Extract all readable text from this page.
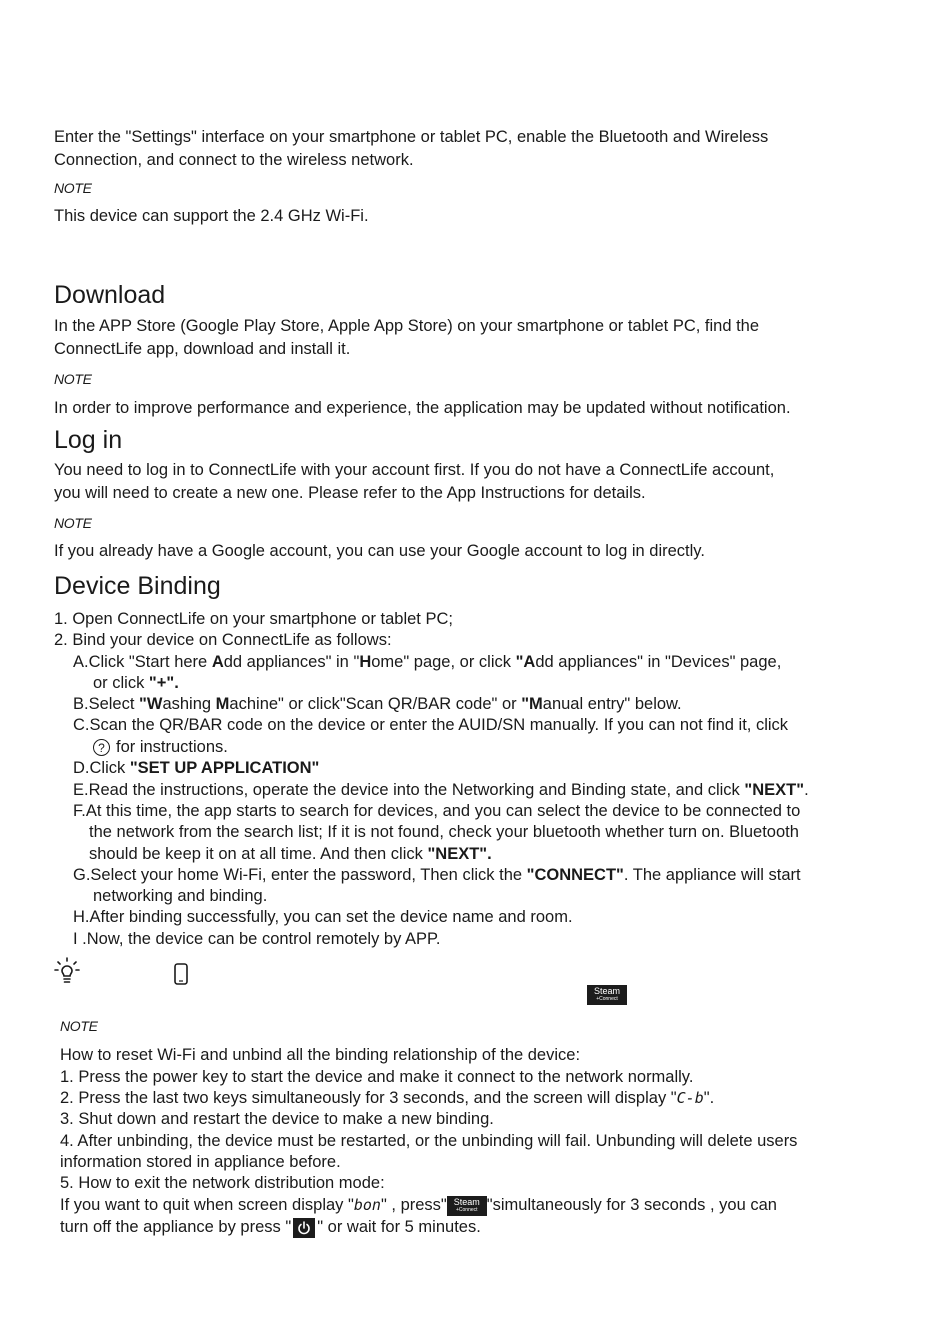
Enter the "Settings" interface on your smartphone or tablet PC, enable the Bluetooth and Wireless
Connection, and connect to the wireless network.
NOTE
This device can support the 2.4 GHz Wi-Fi.
Download
In the APP Store (Google Play Store, Apple App Store) on your smartphone or tablet PC, find the
ConnectLife app, download and install it.
NOTE
In order to improve performance and experience, the application may be updated without notification.
Log in
You need to log in to ConnectLife with your account first. If you do not have a ConnectLife account,
you will need to create a new one. Please refer to the App Instructions for details.
NOTE
If you already have a Google account, you can use your Google account to log in directly.
Device Binding
1. Open ConnectLife on your smartphone or tablet PC;
2. Bind your device on ConnectLife as follows:
A.Click "Start here Add appliances" in "Home" page, or click "Add appliances" in "Devices" page,
or click "+".
B.Select "Washing Machine" or click"Scan QR/BAR code" or "Manual entry" below.
C.Scan the QR/BAR code on the device or enter the AUID/SN manually. If you can not find it, click
? for instructions.
D.Click "SET UP APPLICATION"
E.Read the instructions, operate the device into the Networking and Binding state, and click "NEXT".
F.At this time, the app starts to search for devices, and you can select the device to be connected to
the network from the search list; If it is not found, check your bluetooth whether turn on. Bluetooth
should be keep it on at all time. And then click "NEXT".
G.Select your home Wi-Fi, enter the password, Then click the "CONNECT". The appliance will start
networking and binding.
H.After binding successfully, you can set the device name and room.
I .Now, the device can be control remotely by APP.
Steam
+Connect
NOTE
How to reset Wi-Fi and unbind all the binding relationship of the device:
1. Press the power key to start the device and make it connect to the network normally.
2. Press the last two keys simultaneously for 3 seconds, and the screen will display "C-b".
3. Shut down and restart the device to make a new binding.
4. After unbinding, the device must be restarted, or the unbinding will fail. Unbunding will delete users
information stored in appliance before.
5. How to exit the network distribution mode:
If you want to quit when screen display "bon" , press" Steam
+Connect "simultaneously for 3 seconds , you can
turn off the appliance by press " " or wait for 5 minutes.
